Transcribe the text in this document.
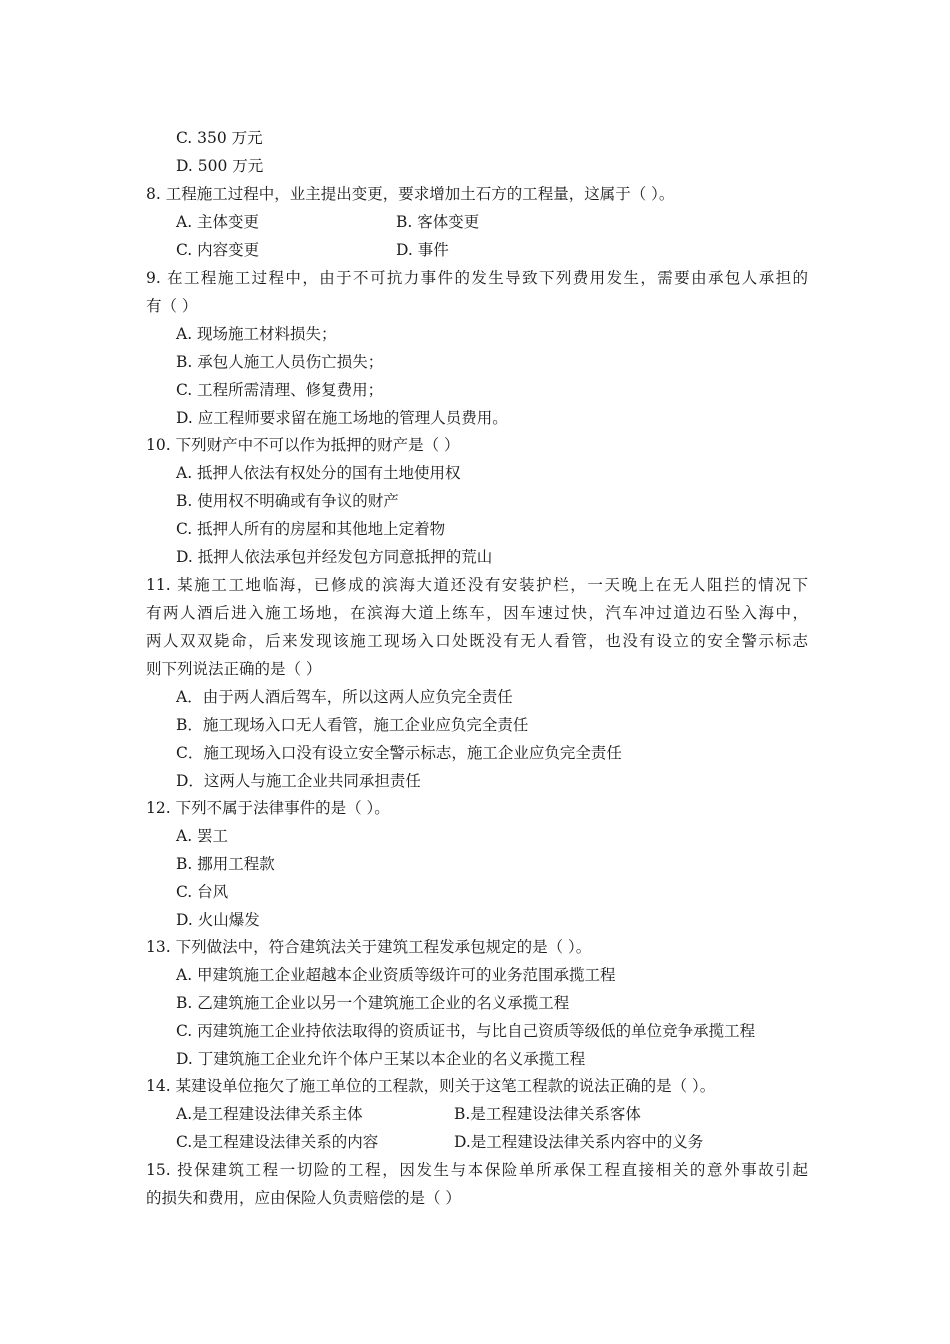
C. 350 万元
D. 500 万元
8. 工程施工过程中，业主提出变更，要求增加土石方的工程量，这属于（ ）。
A. 主体变更	B. 客体变更
C. 内容变更	D. 事件
9. 在工程施工过程中，由于不可抗力事件的发生导致下列费用发生，需要由承包人承担的
有（ ）
A. 现场施工材料损失；
B. 承包人施工人员伤亡损失；
C. 工程所需清理、修复费用；
D. 应工程师要求留在施工场地的管理人员费用。
10. 下列财产中不可以作为抵押的财产是（ ）
A. 抵押人依法有权处分的国有土地使用权
B. 使用权不明确或有争议的财产
C. 抵押人所有的房屋和其他地上定着物
D. 抵押人依法承包并经发包方同意抵押的荒山
11. 某施工工地临海，已修成的滨海大道还没有安装护栏，一天晚上在无人阻拦的情况下
有两人酒后进入施工场地，在滨海大道上练车，因车速过快，汽车冲过道边石坠入海中，
两人双双毙命，后来发现该施工现场入口处既没有无人看管，也没有设立的安全警示标志
则下列说法正确的是（ ）
A．由于两人酒后驾车，所以这两人应负完全责任
B．施工现场入口无人看管，施工企业应负完全责任
C．施工现场入口没有设立安全警示标志，施工企业应负完全责任
D．这两人与施工企业共同承担责任
12. 下列不属于法律事件的是（ ）。
A. 罢工
B. 挪用工程款
C. 台风
D. 火山爆发
13. 下列做法中，符合建筑法关于建筑工程发承包规定的是（ ）。
A. 甲建筑施工企业超越本企业资质等级许可的业务范围承揽工程
B. 乙建筑施工企业以另一个建筑施工企业的名义承揽工程
C. 丙建筑施工企业持依法取得的资质证书，与比自己资质等级低的单位竞争承揽工程
D. 丁建筑施工企业允许个体户王某以本企业的名义承揽工程
14. 某建设单位拖欠了施工单位的工程款，则关于这笔工程款的说法正确的是（ ）。
A.是工程建设法律关系主体	B.是工程建设法律关系客体
C.是工程建设法律关系的内容	D.是工程建设法律关系内容中的义务
15. 投保建筑工程一切险的工程，因发生与本保险单所承保工程直接相关的意外事故引起
的损失和费用，应由保险人负责赔偿的是（ ）
